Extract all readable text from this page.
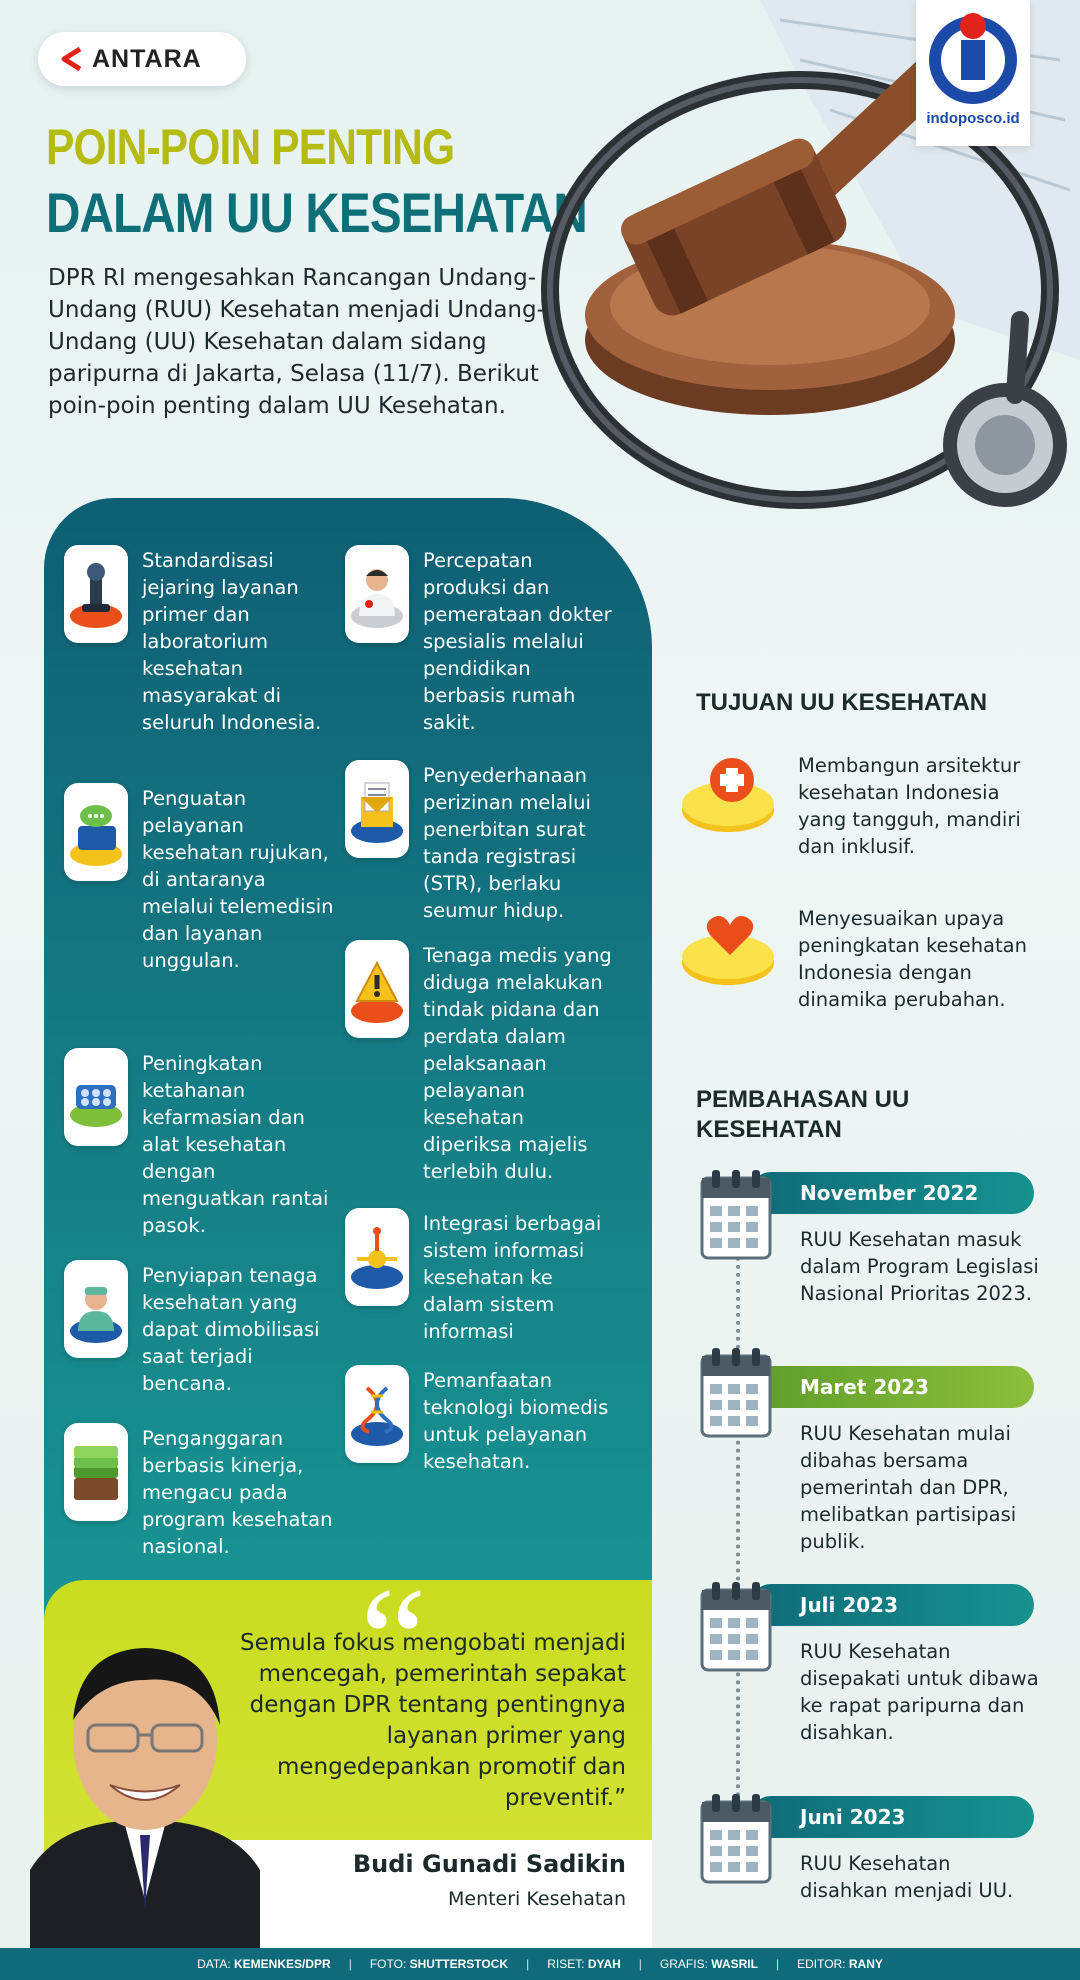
ANTARA
POIN-POIN PENTING
DALAM UU KESEHATAN

DPR RI mengesahkan Rancangan Undang-Undang (RUU) Kesehatan menjadi Undang-Undang (UU) Kesehatan dalam sidang paripurna di Jakarta, Selasa (11/7). Berikut poin-poin penting dalam UU Kesehatan.

indoposco.id
Standardisasi jejaring layanan primer dan laboratorium kesehatan masyarakat di seluruh Indonesia.
Penguatan pelayanan kesehatan rujukan, di antaranya melalui telemedisin dan layanan unggulan.
Peningkatan ketahanan kefarmasian dan alat kesehatan dengan menguatkan rantai pasok.
Penyiapan tenaga kesehatan yang dapat dimobilisasi saat terjadi bencana.
Penganggaran berbasis kinerja, mengacu pada program kesehatan nasional.
Percepatan produksi dan pemerataan dokter spesialis melalui pendidikan berbasis rumah sakit.
Penyederhanaan perizinan melalui penerbitan surat tanda registrasi (STR), berlaku seumur hidup.
Tenaga medis yang diduga melakukan tindak pidana dan perdata dalam pelaksanaan pelayanan kesehatan diperiksa majelis terlebih dulu.
Integrasi berbagai sistem informasi kesehatan ke dalam sistem informasi
Pemanfaatan teknologi biomedis untuk pelayanan kesehatan.
“

Semula fokus mengobati menjadi mencegah, pemerintah sepakat dengan DPR tentang pentingnya layanan primer yang mengedepankan promotif dan preventif.”

Budi Gunadi Sadikin
Menteri Kesehatan
TUJUAN UU KESEHATAN
Membangun arsitektur kesehatan Indonesia yang tangguh, mandiri dan inklusif.
Menyesuaikan upaya peningkatan kesehatan Indonesia dengan dinamika perubahan.
PEMBAHASAN UU
KESEHATAN
November 2022
RUU Kesehatan masuk dalam Program Legislasi Nasional Prioritas 2023.
Maret 2023
RUU Kesehatan mulai dibahas bersama pemerintah dan DPR, melibatkan partisipasi publik.
Juli 2023
RUU Kesehatan disepakati untuk dibawa ke rapat paripurna dan disahkan.
Juni 2023
RUU Kesehatan disahkan menjadi UU.
DATA: KEMENKES/DPR | FOTO: SHUTTERSTOCK | RISET: DYAH | GRAFIS: WASRIL | EDITOR: RANY
